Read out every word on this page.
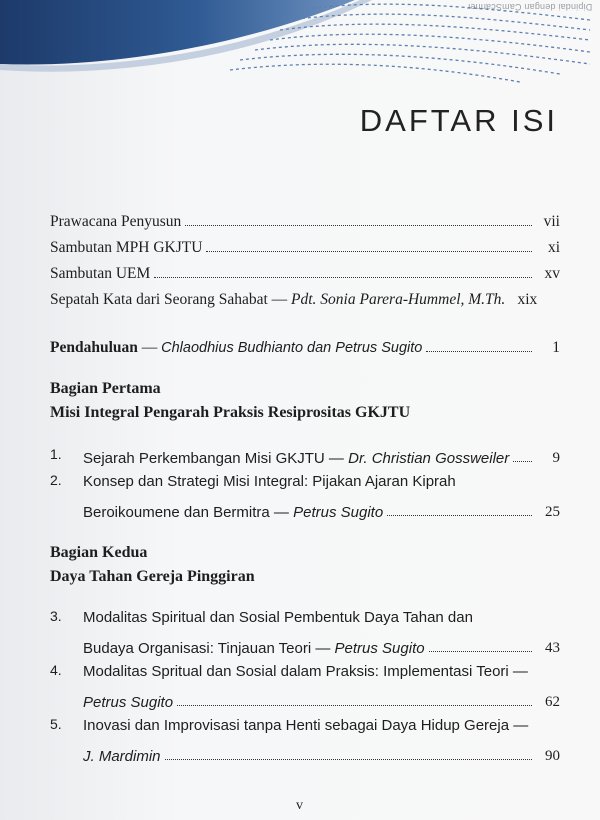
Dipindai dengan CamScanner
DAFTAR ISI
Prawacana Penyusun	vii
Sambutan MPH GKJTU	xi
Sambutan UEM	xv
Sepatah Kata dari Seorang Sahabat — Pdt. Sonia Parera-Hummel, M.Th. xix
Pendahuluan — Chlaodhius Budhianto dan Petrus Sugito	1
Bagian Pertama
Misi Integral Pengarah Praksis Resiprositas GKJTU
1.	Sejarah Perkembangan Misi GKJTU — Dr. Christian Gossweiler	9
2.	Konsep dan Strategi Misi Integral: Pijakan Ajaran Kiprah
Beroikoumene dan Bermitra — Petrus Sugito	25
Bagian Kedua
Daya Tahan Gereja Pinggiran
3.	Modalitas Spiritual dan Sosial Pembentuk Daya Tahan dan
Budaya Organisasi: Tinjauan Teori — Petrus Sugito	43
4.	Modalitas Spritual dan Sosial dalam Praksis: Implementasi Teori —
Petrus Sugito	62
5.	Inovasi dan Improvisasi tanpa Henti sebagai Daya Hidup Gereja —
J. Mardimin	90
v
